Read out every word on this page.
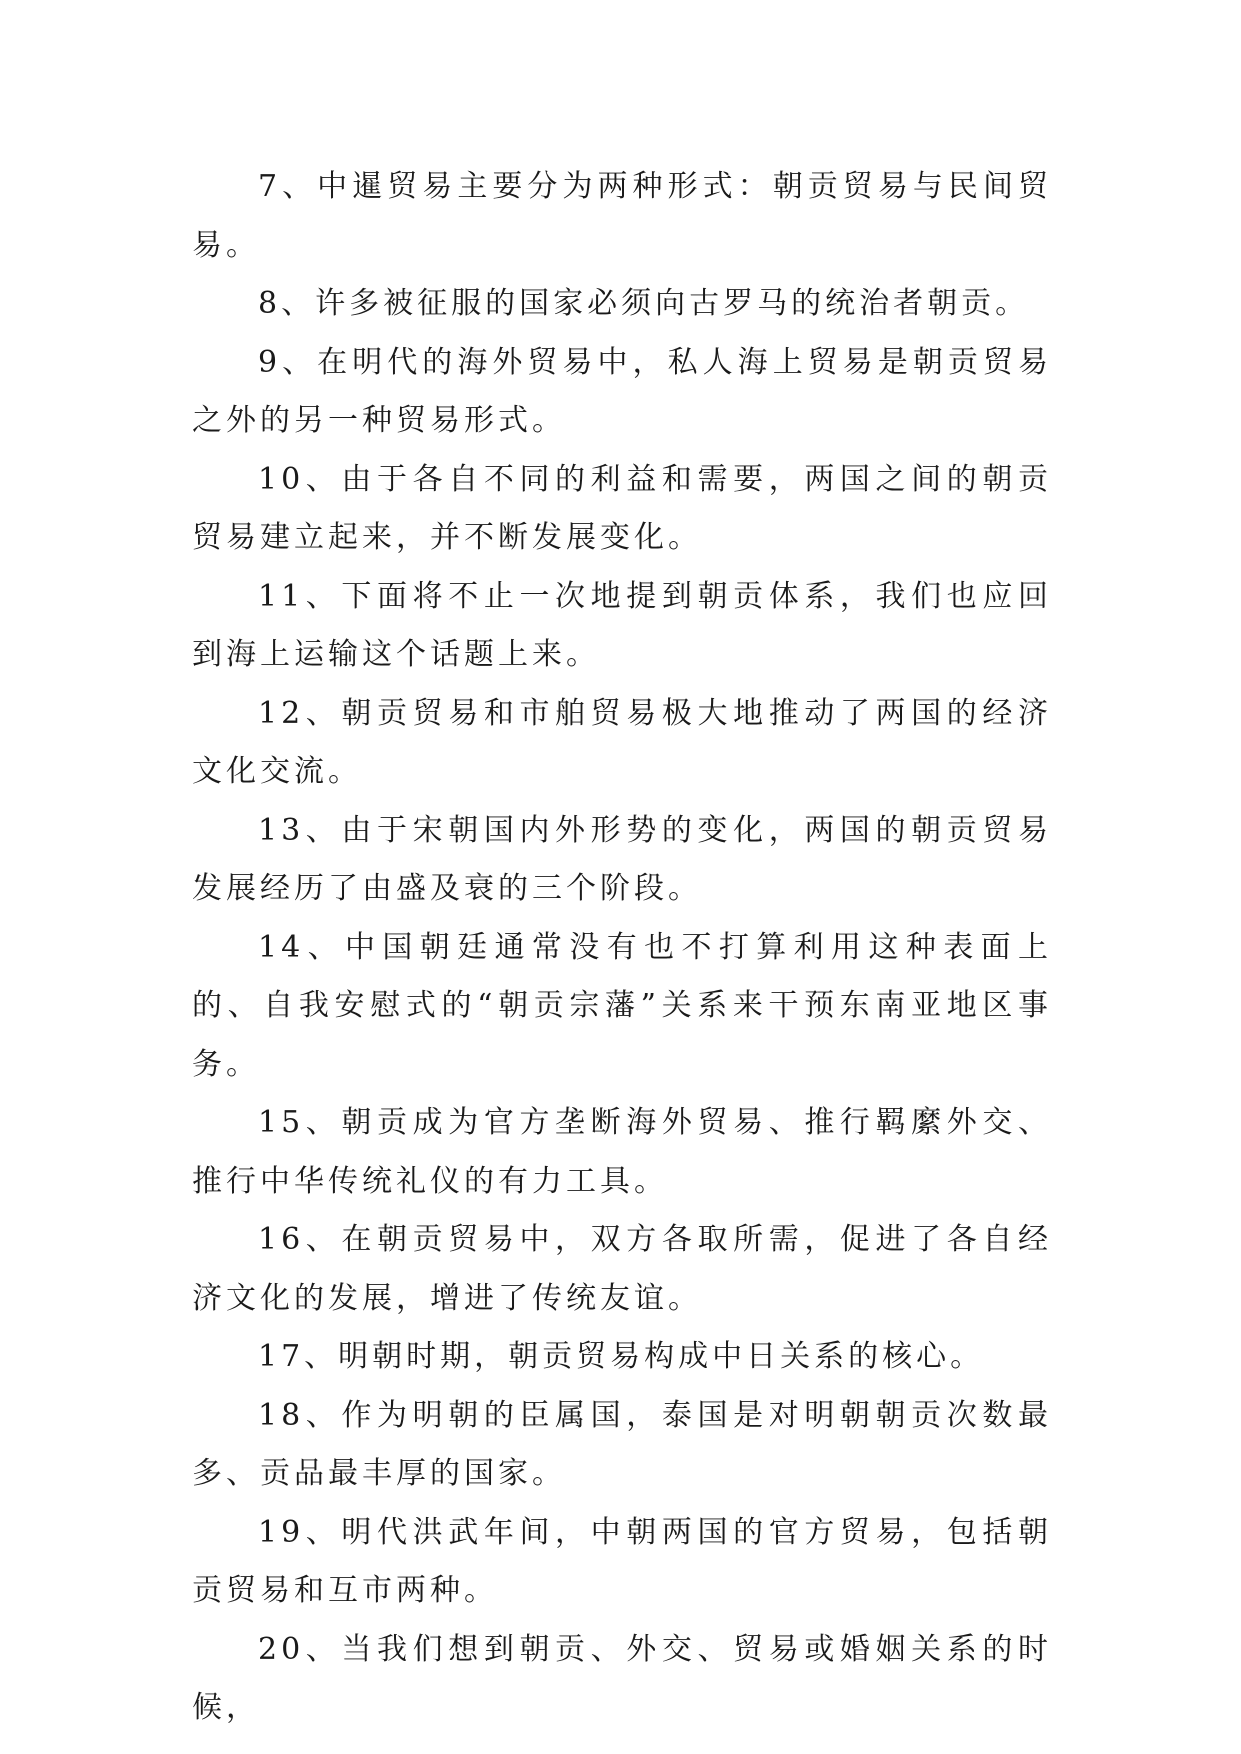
7、中暹贸易主要分为两种形式：朝贡贸易与民间贸易。

8、许多被征服的国家必须向古罗马的统治者朝贡。

9、在明代的海外贸易中，私人海上贸易是朝贡贸易之外的另一种贸易形式。

10、由于各自不同的利益和需要，两国之间的朝贡贸易建立起来，并不断发展变化。

11、下面将不止一次地提到朝贡体系，我们也应回到海上运输这个话题上来。

12、朝贡贸易和市舶贸易极大地推动了两国的经济文化交流。

13、由于宋朝国内外形势的变化，两国的朝贡贸易发展经历了由盛及衰的三个阶段。

14、中国朝廷通常没有也不打算利用这种表面上的、自我安慰式的“朝贡宗藩”关系来干预东南亚地区事务。

15、朝贡成为官方垄断海外贸易、推行羁縻外交、推行中华传统礼仪的有力工具。

16、在朝贡贸易中，双方各取所需，促进了各自经济文化的发展，增进了传统友谊。

17、明朝时期，朝贡贸易构成中日关系的核心。

18、作为明朝的臣属国，泰国是对明朝朝贡次数最多、贡品最丰厚的国家。

19、明代洪武年间，中朝两国的官方贸易，包括朝贡贸易和互市两种。

20、当我们想到朝贡、外交、贸易或婚姻关系的时候，
